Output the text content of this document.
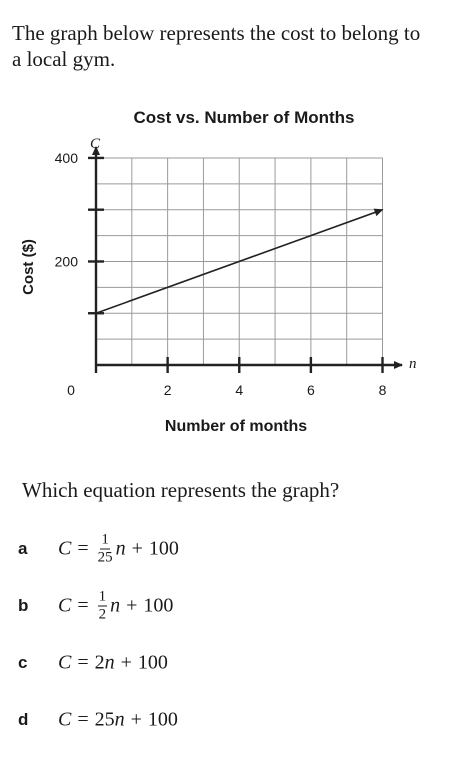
The graph below represents the cost to belong to a local gym.

Cost vs. Number of Months
C
n
Cost ($)
Number of months
0	2	4	6	8
200
400

Which equation represents the graph?

a $C = \frac{1}{25}$ n + 100
b $C = \frac{1}{2}$ n + 100
c C = 2 n + 100
d C = 25 n + 100
